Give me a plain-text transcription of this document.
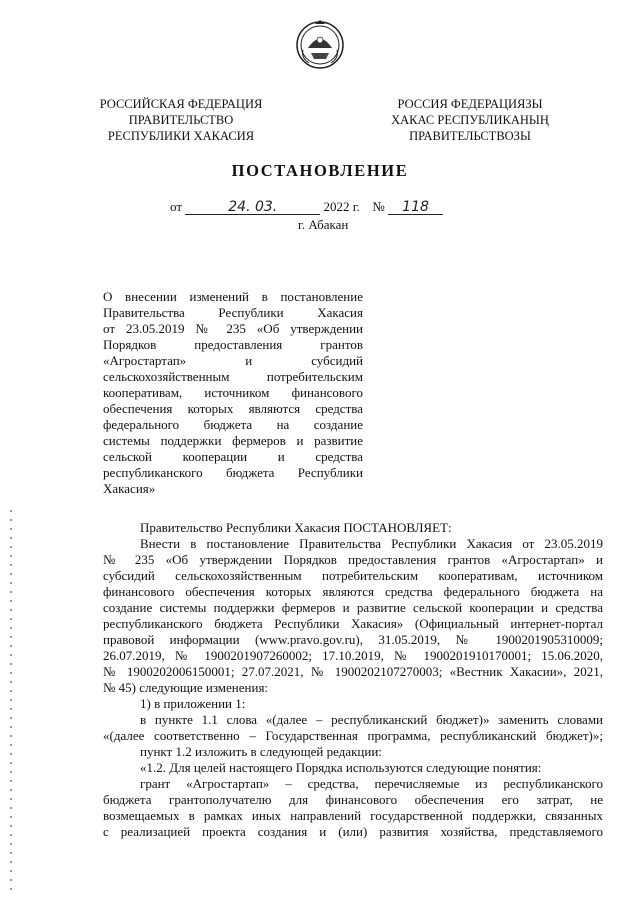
РОССИЙСКАЯ ФЕДЕРАЦИЯ
ПРАВИТЕЛЬСТВО
РЕСПУБЛИКИ ХАКАСИЯ
РОССИЯ ФЕДЕРАЦИЯЗЫ
ХАКАС РЕСПУБЛИКАНЫҢ
ПРАВИТЕЛЬСТВОЗЫ
ПОСТАНОВЛЕНИЕ
от	24. 03.	2022 г. № 118
г. Абакан
О внесении изменений в постановление
Правительства Республики Хакасия
от 23.05.2019 № 235 «Об утверждении
Порядков предоставления грантов
«Агростартап» и субсидий
сельскохозяйственным потребительским
кооперативам, источником финансового
обеспечения которых являются средства
федерального бюджета на создание
системы поддержки фермеров и развитие
сельской кооперации и средства
республиканского бюджета Республики
Хакасия»
Правительство Республики Хакасия ПОСТАНОВЛЯЕТ:
Внести в постановление Правительства Республики Хакасия от 23.05.2019
№ 235 «Об утверждении Порядков предоставления грантов «Агростартап» и
субсидий сельскохозяйственным потребительским кооперативам, источником
финансового обеспечения которых являются средства федерального бюджета на
создание системы поддержки фермеров и развитие сельской кооперации и средства
республиканского бюджета Республики Хакасия» (Официальный интернет-портал
правовой информации (www.pravo.gov.ru), 31.05.2019, № 1900201905310009;
26.07.2019, № 1900201907260002; 17.10.2019, № 1900201910170001; 15.06.2020,
№ 1900202006150001; 27.07.2021, № 1900202107270003; «Вестник Хакасии», 2021,
№ 45) следующие изменения:
1) в приложении 1:
в пункте 1.1 слова «(далее – республиканский бюджет)» заменить словами
«(далее соответственно – Государственная программа, республиканский бюджет)»;
пункт 1.2 изложить в следующей редакции:
«1.2. Для целей настоящего Порядка используются следующие понятия:
грант «Агростартап» – средства, перечисляемые из республиканского
бюджета грантополучателю для финансового обеспечения его затрат, не
возмещаемых в рамках иных направлений государственной поддержки, связанных
с реализацией проекта создания и (или) развития хозяйства, представляемого
